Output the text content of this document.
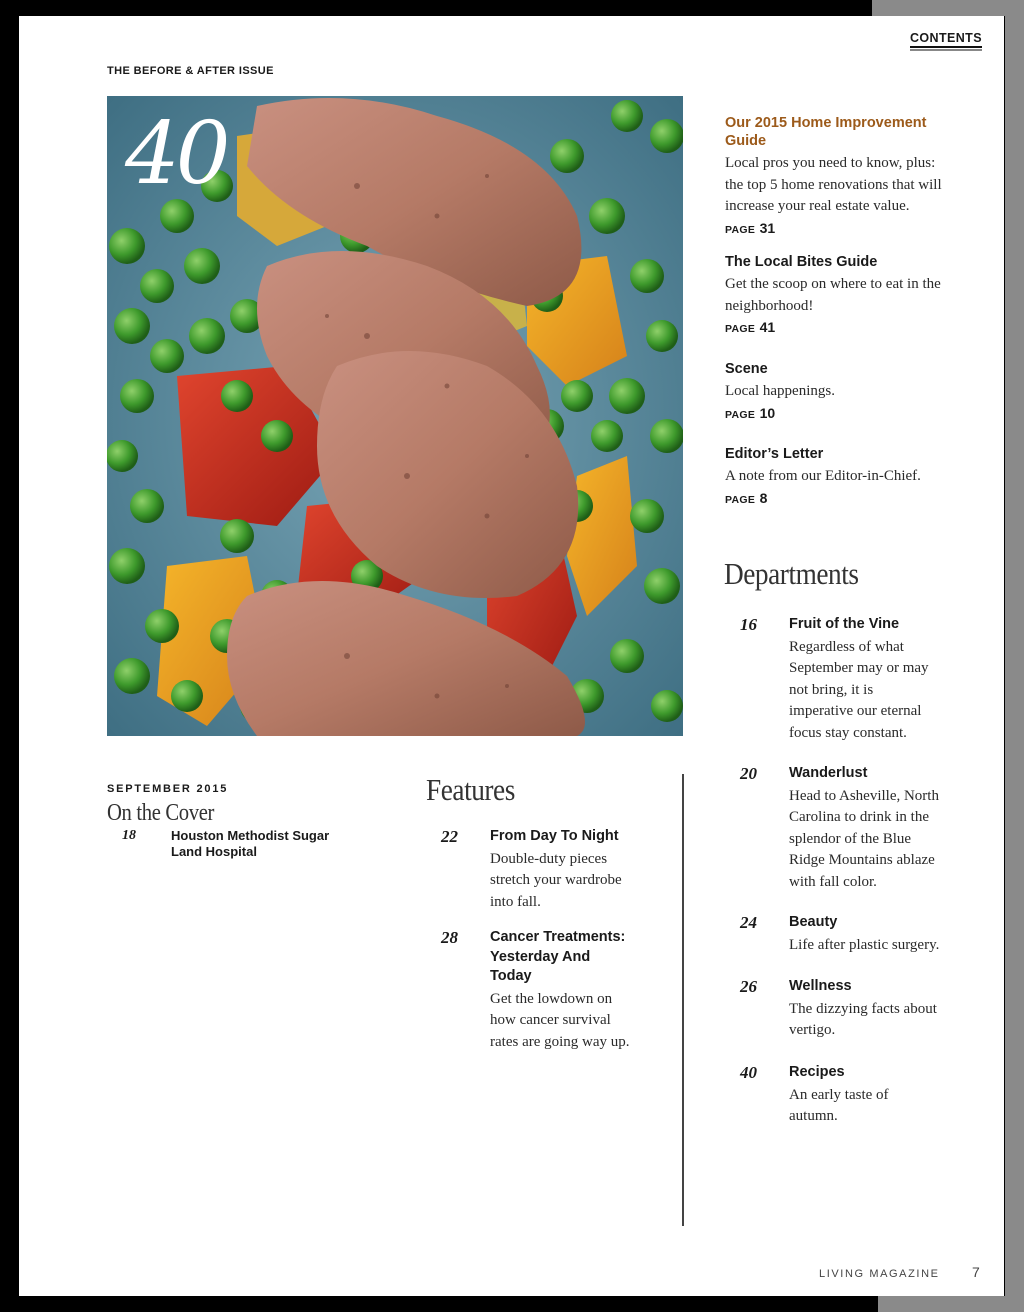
CONTENTS
THE BEFORE & AFTER ISSUE
40	Our 2015 Home Improvement Guide
Local pros you need to know, plus: the top 5 home renovations that will increase your real estate value.
PAGE 31
The Local Bites Guide
Get the scoop on where to eat in the neighborhood!
PAGE 41
Scene
Local happenings.
PAGE 10
Editor’s Letter
A note from our Editor-in-Chief.
PAGE 8
Departments
16 Fruit of the Vine
Regardless of what September may or may not bring, it is imperative our eternal focus stay constant.
20 Wanderlust
Head to Asheville, North Carolina to drink in the splendor of the Blue Ridge Mountains ablaze with fall color.
24 Beauty
Life after plastic surgery.
26 Wellness
The dizzying facts about vertigo.
40 Recipes
An early taste of autumn.
SEPTEMBER 2015
On the Cover
18	Houston Methodist Sugar Land Hospital
Features
22 From Day To Night
Double-duty pieces stretch your wardrobe into fall.
28 Cancer Treatments: Yesterday And Today
Get the lowdown on how cancer survival rates are going way up.
LIVING MAGAZINE 7
